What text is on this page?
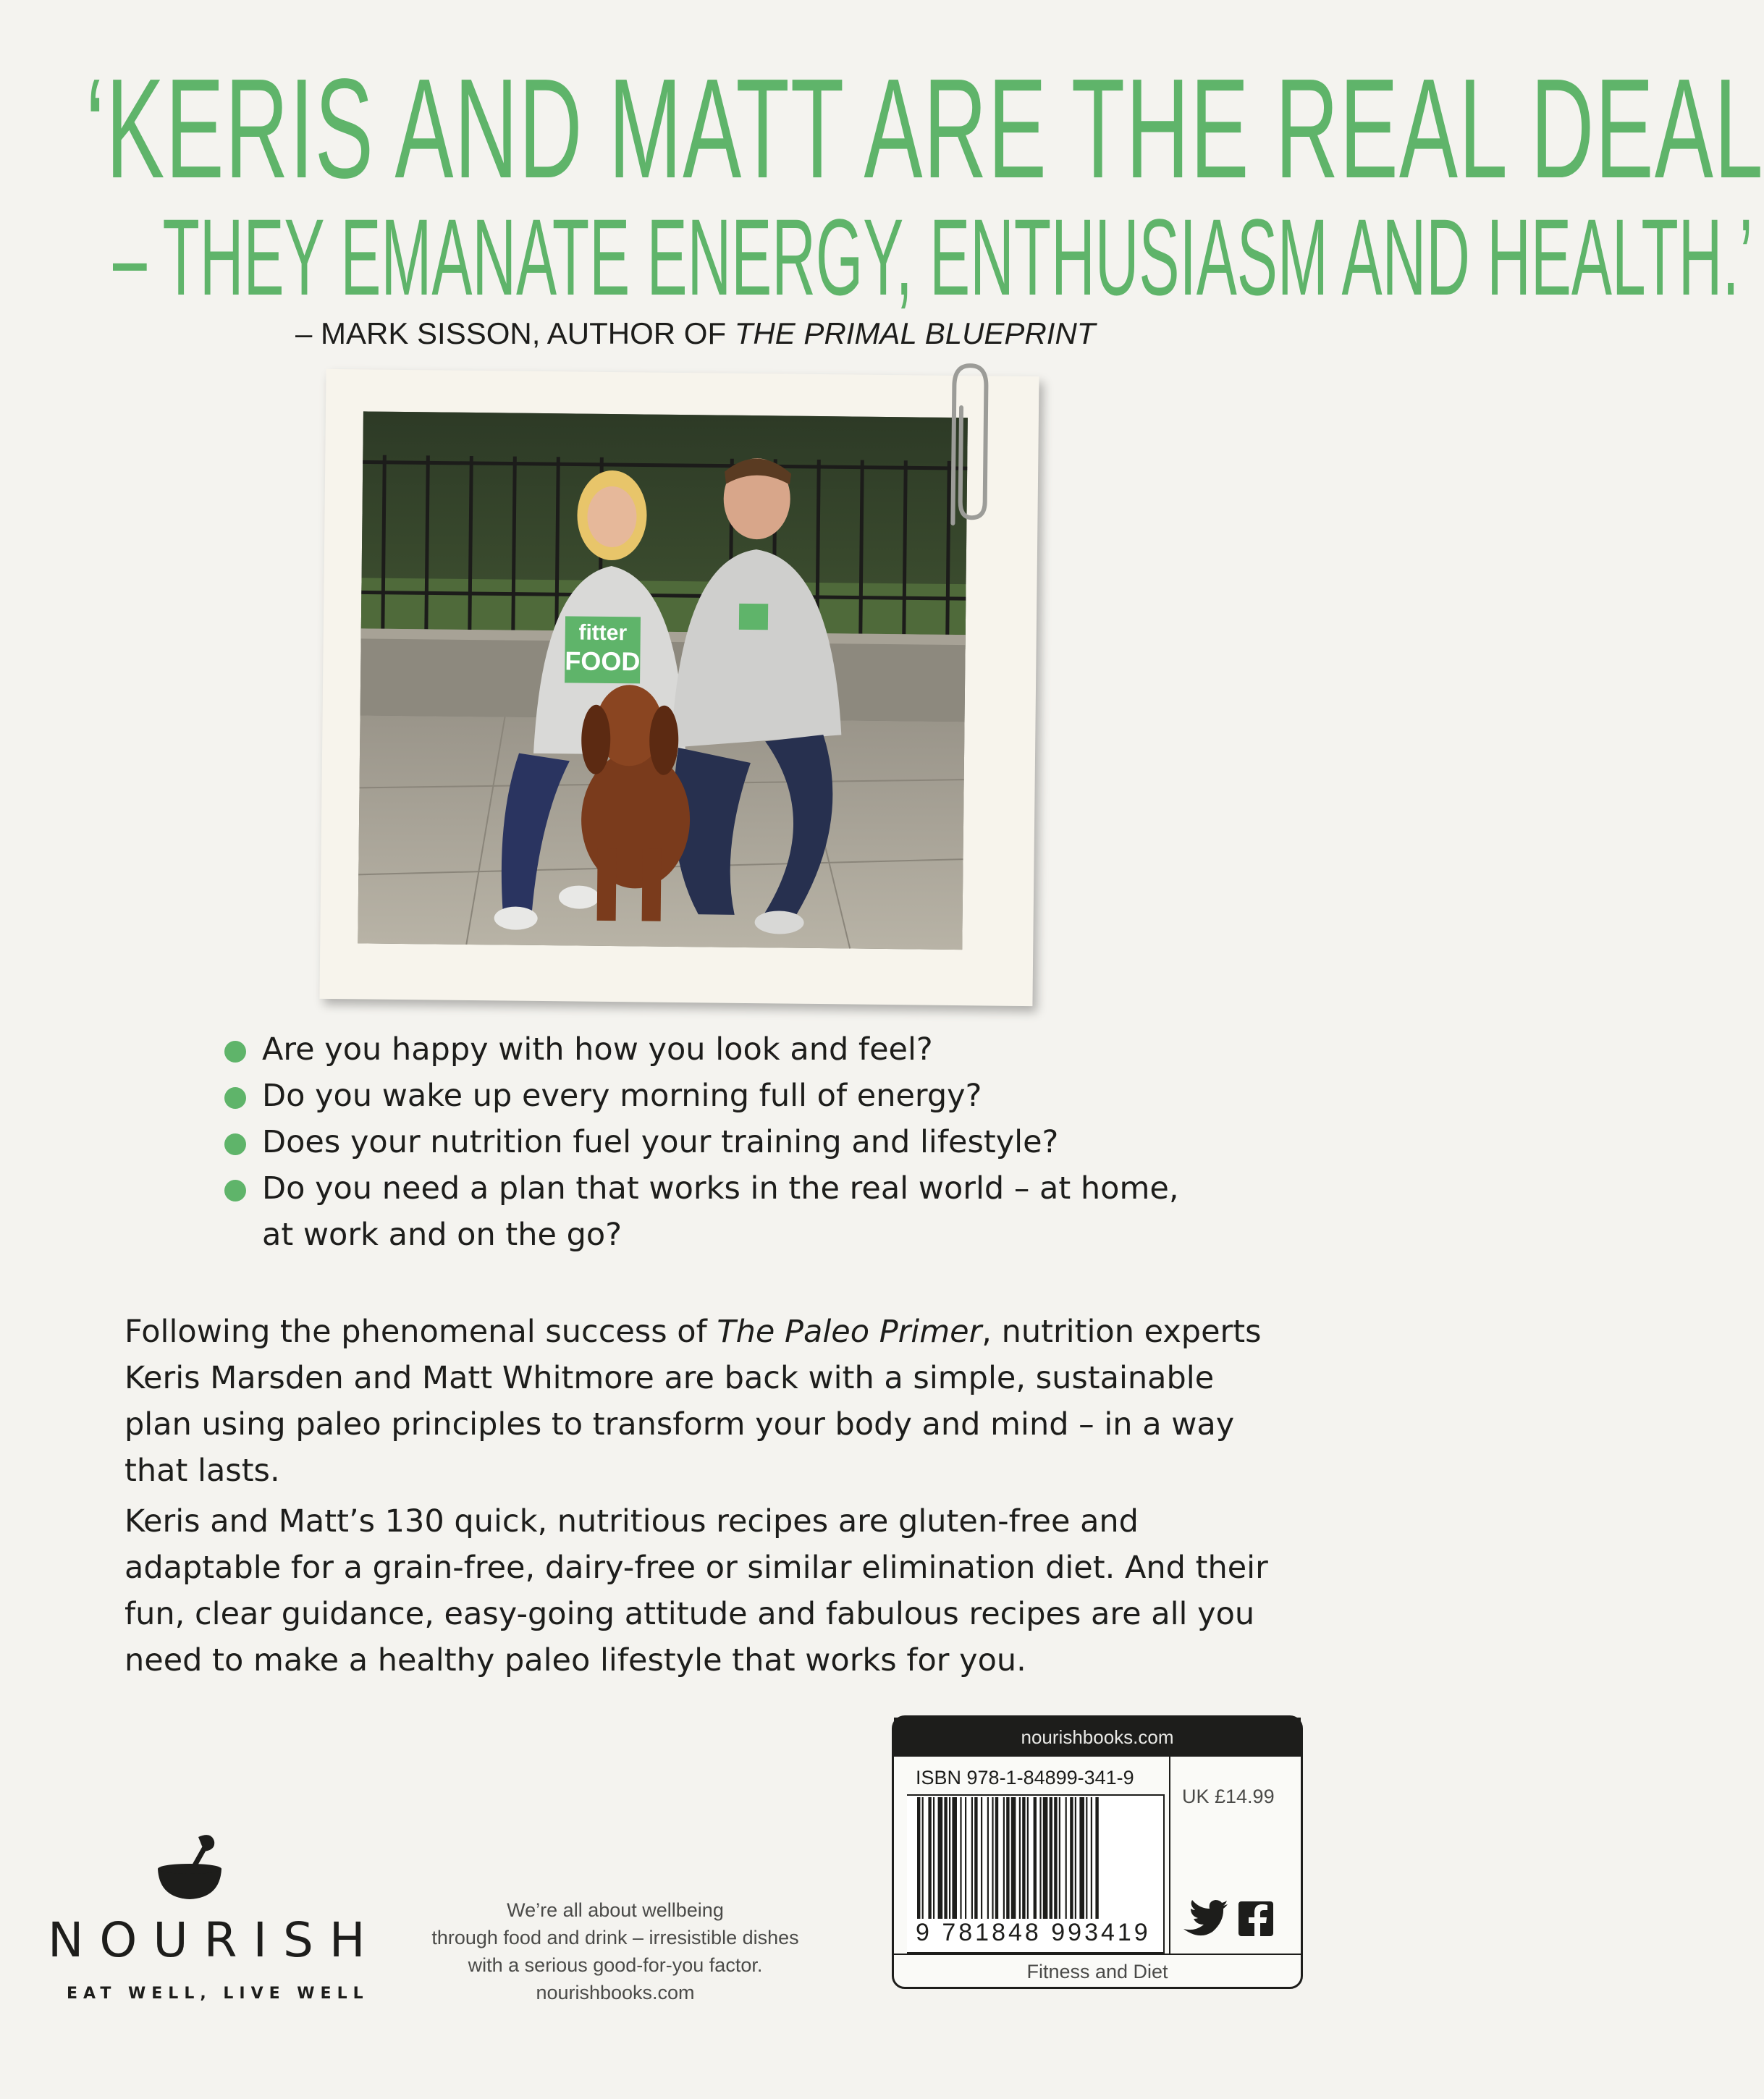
‘KERIS AND MATT ARE THE REAL DEAL
– THEY EMANATE ENERGY, ENTHUSIASM AND HEALTH.’
– MARK SISSON, AUTHOR OF THE PRIMAL BLUEPRINT
fitter
FOOD
Are you happy with how you look and feel?
Do you wake up every morning full of energy?
Does your nutrition fuel your training and lifestyle?
Do you need a plan that works in the real world – at home,
at work and on the go?

Following the phenomenal success of The Paleo Primer, nutrition experts Keris Marsden and Matt Whitmore are back with a simple, sustainable plan using paleo principles to transform your body and mind – in a way that lasts.

Keris and Matt’s 130 quick, nutritious recipes are gluten-free and adaptable for a grain-free, dairy-free or similar elimination diet. And their fun, clear guidance, easy-going attitude and fabulous recipes are all you need to make a healthy paleo lifestyle that works for you.

NOURISH
EAT WELL, LIVE WELL
We’re all about wellbeing
through food and drink – irresistible dishes
with a serious good-for-you factor.
nourishbooks.com
nourishbooks.com
ISBN 978-1-84899-341-9
9 781848 993419
UK £14.99
Fitness and Diet
